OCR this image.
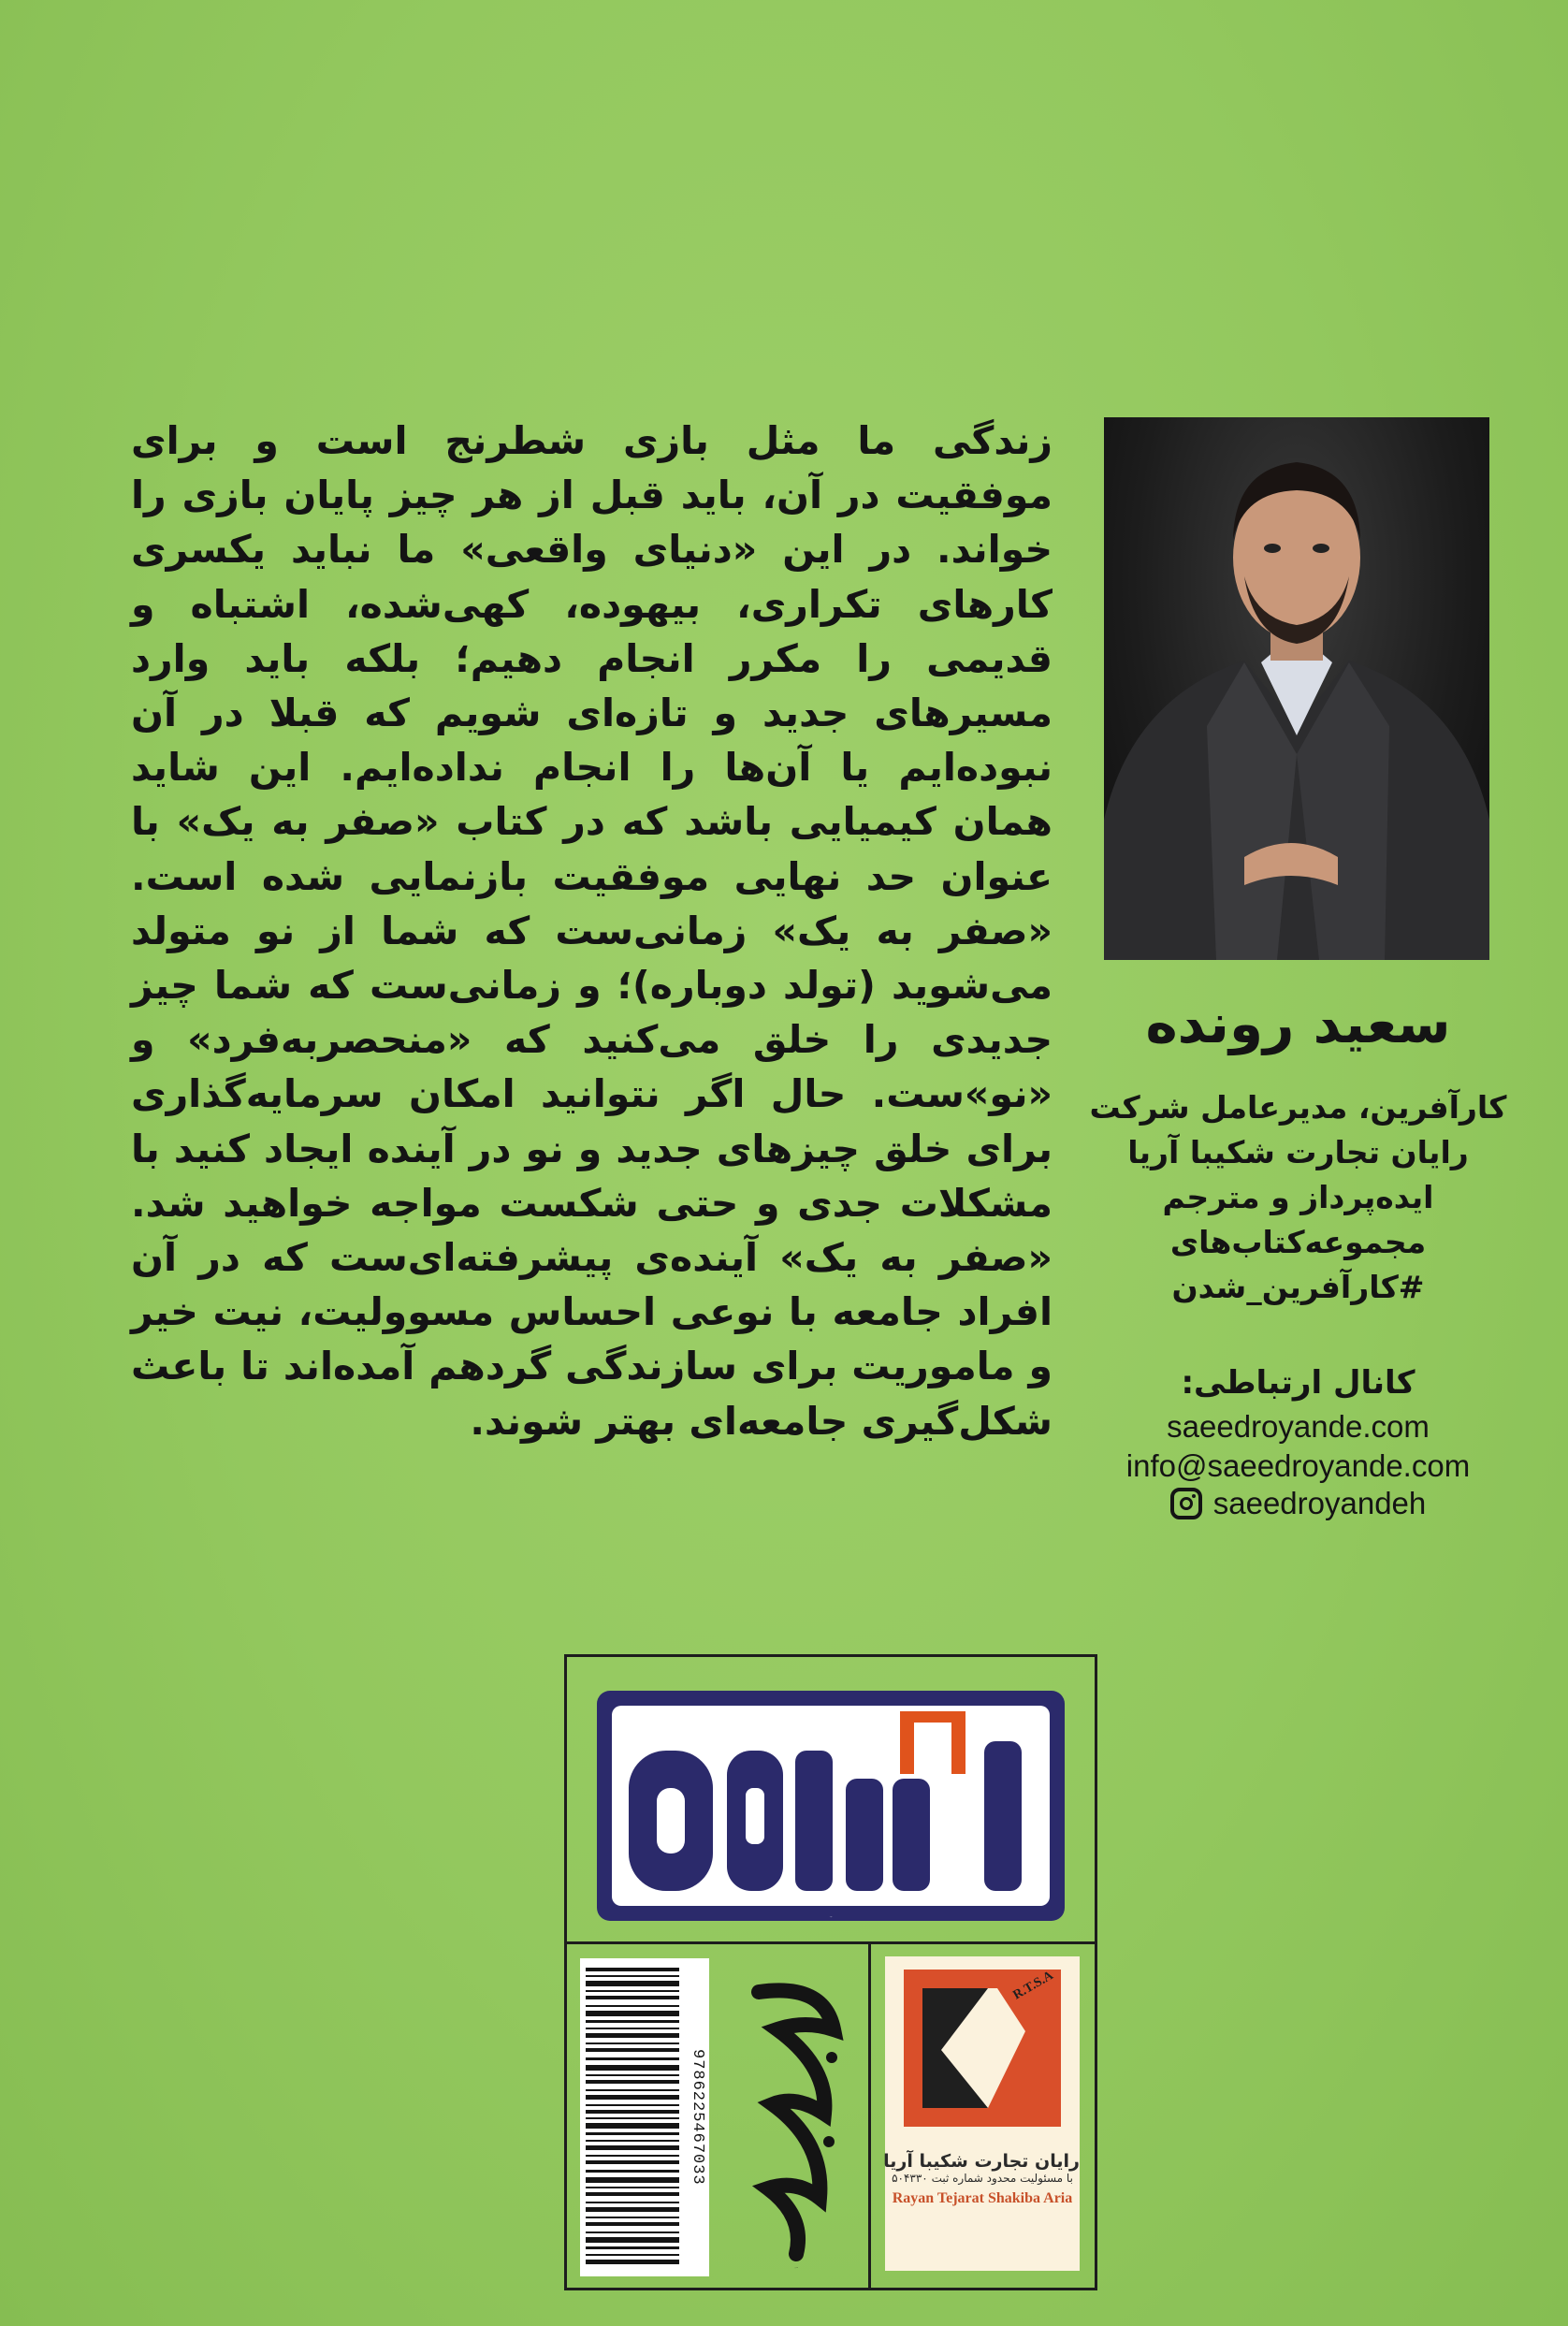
زندگی ما مثل بازی شطرنج است و برای موفقیت در آن، باید قبل از هر چیز پایان بازی را خواند. در این «دنیای واقعی» ما نباید یکسری کارهای تکراری، بیهوده، کهی‌شده، اشتباه و قدیمی را مکرر انجام دهیم؛ بلکه باید وارد مسیرهای جدید و تازه‌ای شویم که قبلا در آن نبوده‌ایم یا آن‌ها را انجام نداده‌ایم. این شاید همان کیمیایی باشد که در کتاب «صفر به یک» با عنوان حد نهایی موفقیت بازنمایی شده است.

«صفر به یک» زمانی‌ست که شما از نو متولد می‌شوید (تولد دوباره)؛ و زمانی‌ست که شما چیز جدیدی را خلق می‌کنید که «منحصربه‌فرد» و «نو»ست. حال اگر نتوانید امکان سرمایه‌گذاری برای خلق چیزهای جدید و نو در آینده ایجاد کنید با مشکلات جدی و حتی شکست مواجه خواهید شد.

«صفر به یک» آینده‌ی پیشرفته‌ای‌ست که در آن افراد جامعه با نوعی احساس مسوولیت، نیت خیر و ماموریت برای سازندگی گردهم آمده‌اند تا باعث شکل‌گیری جامعه‌ای بهتر شوند.

سعید رونده
کارآفرین، مدیرعامل شرکت
رایان تجارت شکیبا آریا
ایده‌پرداز و مترجم
مجموعه‌کتاب‌های
#کارآفرین_شدن
کانال ارتباطی:
saeedroyande.com
info@saeedroyande.com
saeedroyandeh
آلازده
R.T.S.A
رایان تجارت شکیبا آریا
با مسئولیت محدود شماره ثبت ۵۰۴۳۳۰
Rayan Tejarat Shakiba Aria
نگاه نوین
9786225467033
